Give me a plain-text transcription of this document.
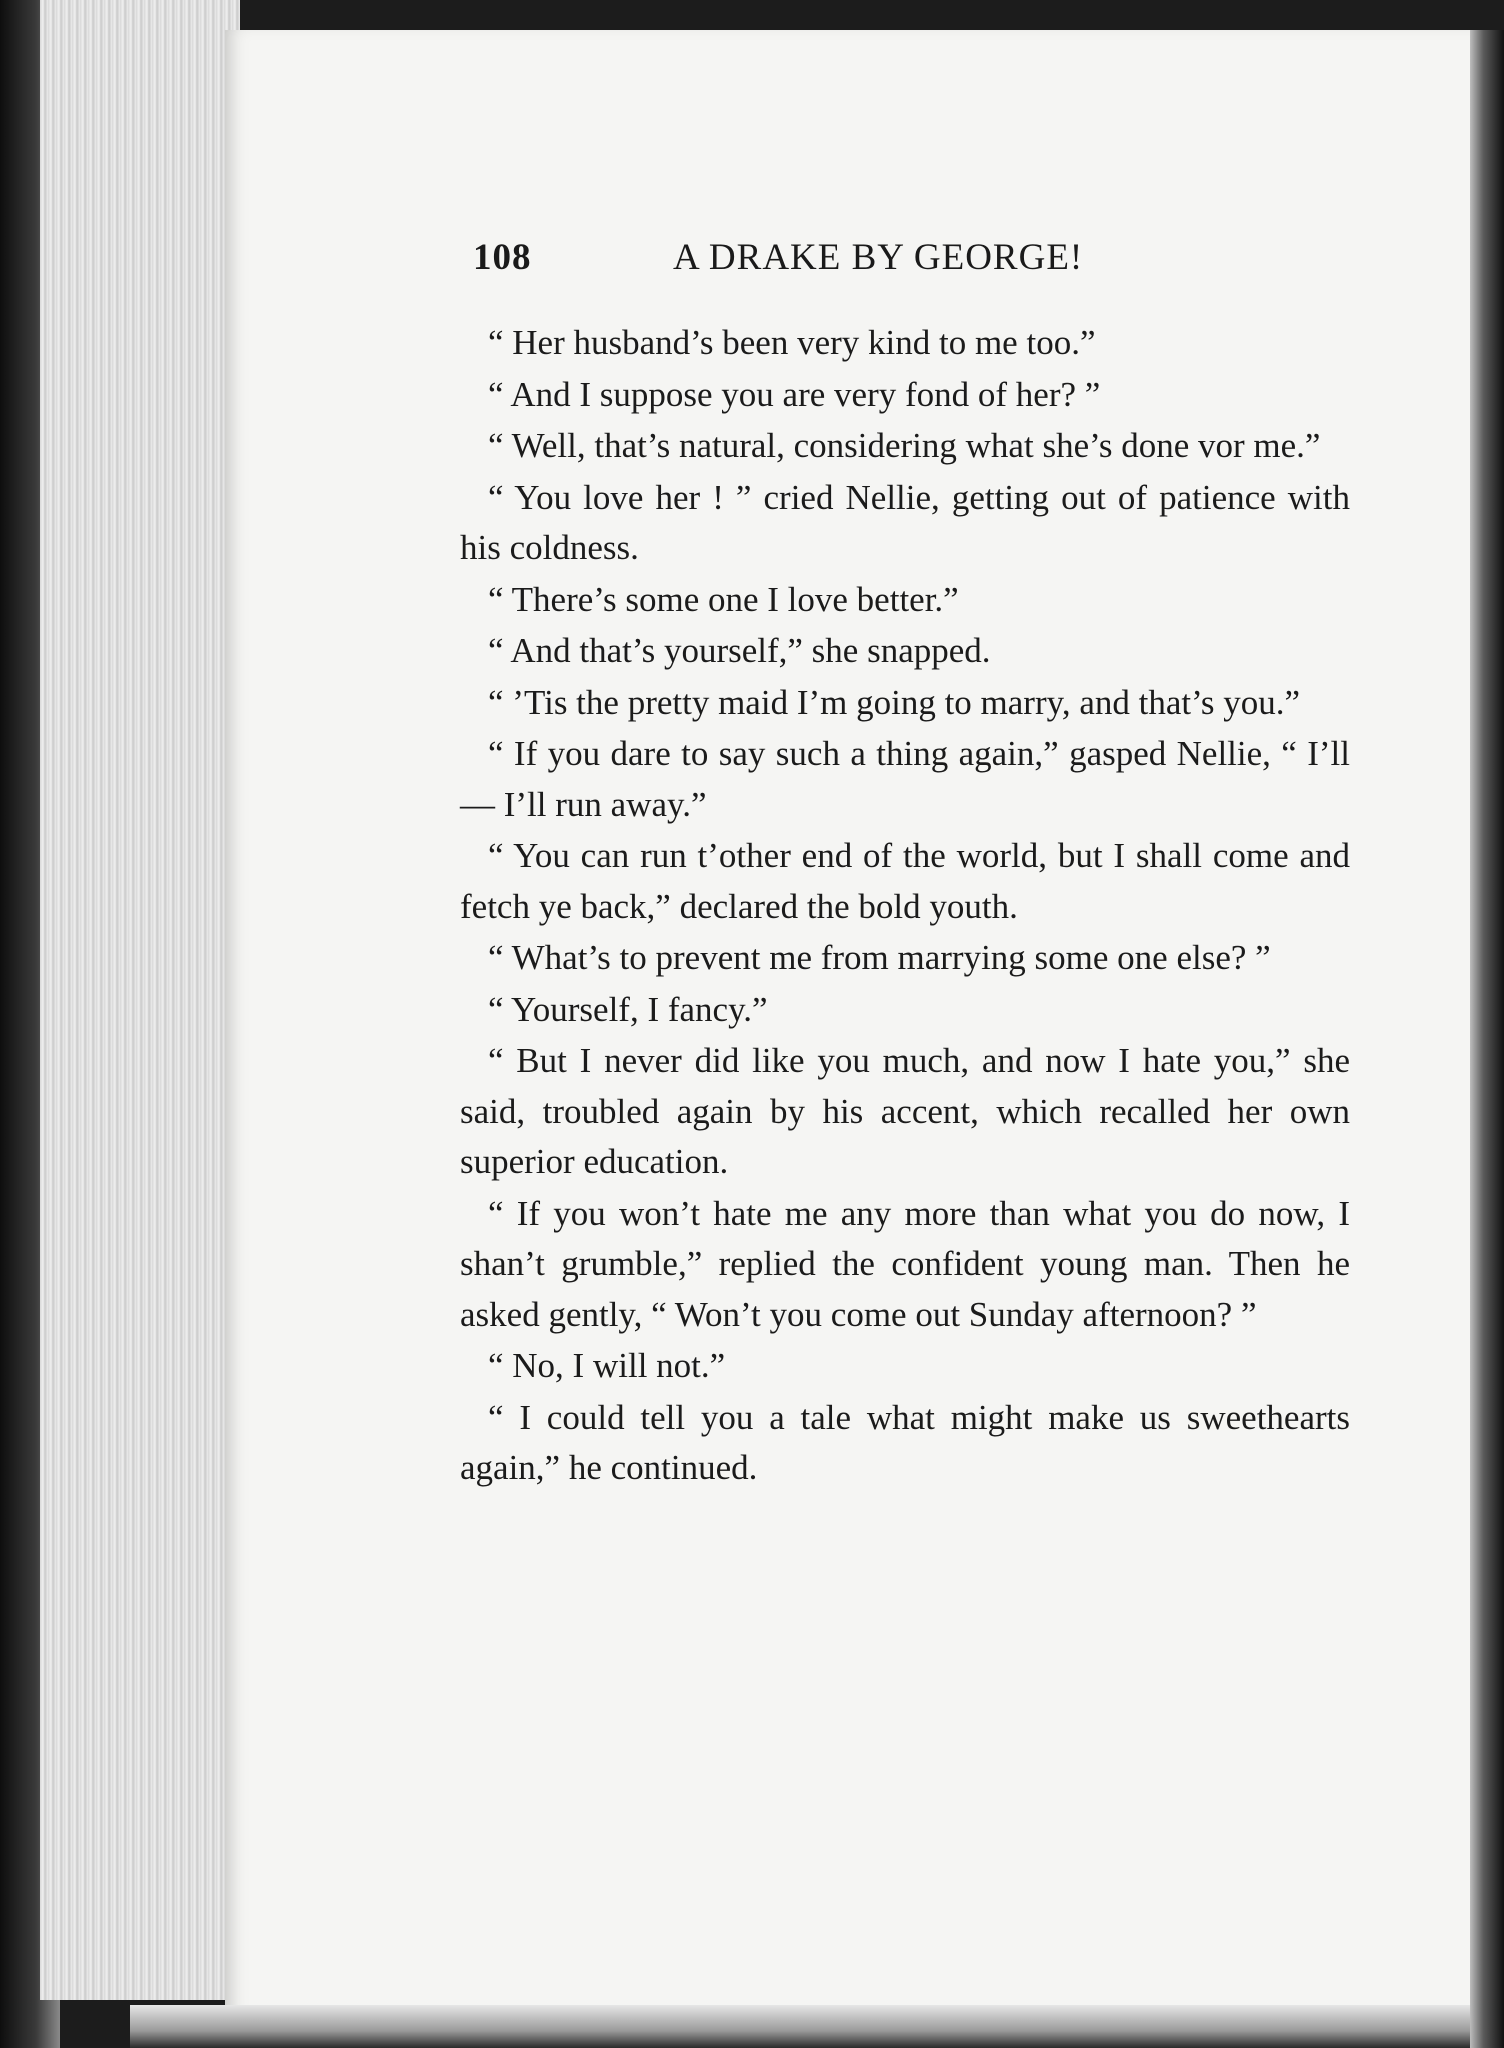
108	A DRAKE BY GEORGE!

“ Her husband’s been very kind to me too.”

“ And I suppose you are very fond of her? ”

“ Well, that’s natural, considering what she’s done vor me.”

“ You love her ! ” cried Nellie, getting out of patience with his coldness.

“ There’s some one I love better.”

“ And that’s yourself,” she snapped.

“ ’Tis the pretty maid I’m going to marry, and that’s you.”

“ If you dare to say such a thing again,” gasped Nellie, “ I’ll — I’ll run away.”

“ You can run t’other end of the world, but I shall come and fetch ye back,” declared the bold youth.

“ What’s to prevent me from marrying some one else? ”

“ Yourself, I fancy.”

“ But I never did like you much, and now I hate you,” she said, troubled again by his accent, which recalled her own superior education.

“ If you won’t hate me any more than what you do now, I shan’t grumble,” replied the confident young man. Then he asked gently, “ Won’t you come out Sunday afternoon? ”

“ No, I will not.”

“ I could tell you a tale what might make us sweethearts again,” he continued.
